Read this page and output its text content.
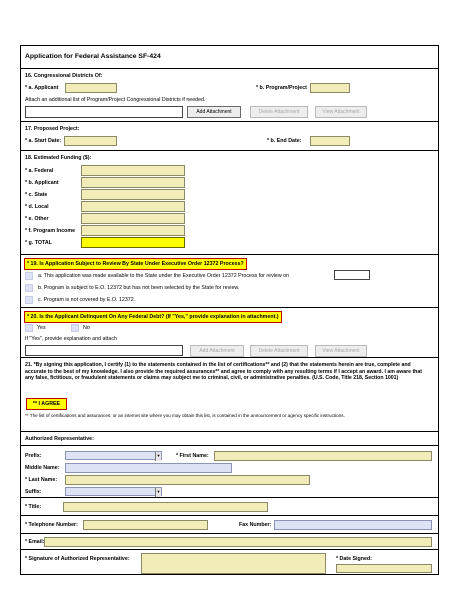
Application for Federal Assistance SF-424
16. Congressional Districts Of:
* a. Applicant	* b. Program/Project
Attach an additional list of Program/Project Congressional Districts if needed.
Add Attachment	Delete Attachment	View Attachment
17. Proposed Project:
* a. Start Date:	* b. End Date:
18. Estimated Funding ($):
* a. Federal
* b. Applicant
* c. State
* d. Local
* e. Other
* f. Program Income
* g. TOTAL
* 19. Is Application Subject to Review By State Under Executive Order 12372 Process?
a. This application was made available to the State under the Executive Order 12372 Process for review on
b. Program is subject to E.O. 12372 but has not been selected by the State for review.
c. Program is not covered by E.O. 12372.
* 20. Is the Applicant Delinquent On Any Federal Debt? (If "Yes," provide explanation in attachment.)
Yes	No
If "Yes", provide explanation and attach
Add Attachment	Delete Attachment	View Attachment
21. *By signing this application, I certify (1) to the statements contained in the list of certifications** and (2) that the statements herein are true, complete and accurate to the best of my knowledge. I also provide the required assurances** and agree to comply with any resulting terms if I accept an award. I am aware that any false, fictitious, or fraudulent statements or claims may subject me to criminal, civil, or administrative penalties. (U.S. Code, Title 218, Section 1001)
** I AGREE
** The list of certifications and assurances, or an internet site where you may obtain this list, is contained in the announcement or agency specific instructions.
Authorized Representative:
Prefix:	▼	* First Name:
Middle Name:
* Last Name:
Suffix:	▼
* Title:
* Telephone Number:	Fax Number:
* Email:
* Signature of Authorized Representative:	* Date Signed:
